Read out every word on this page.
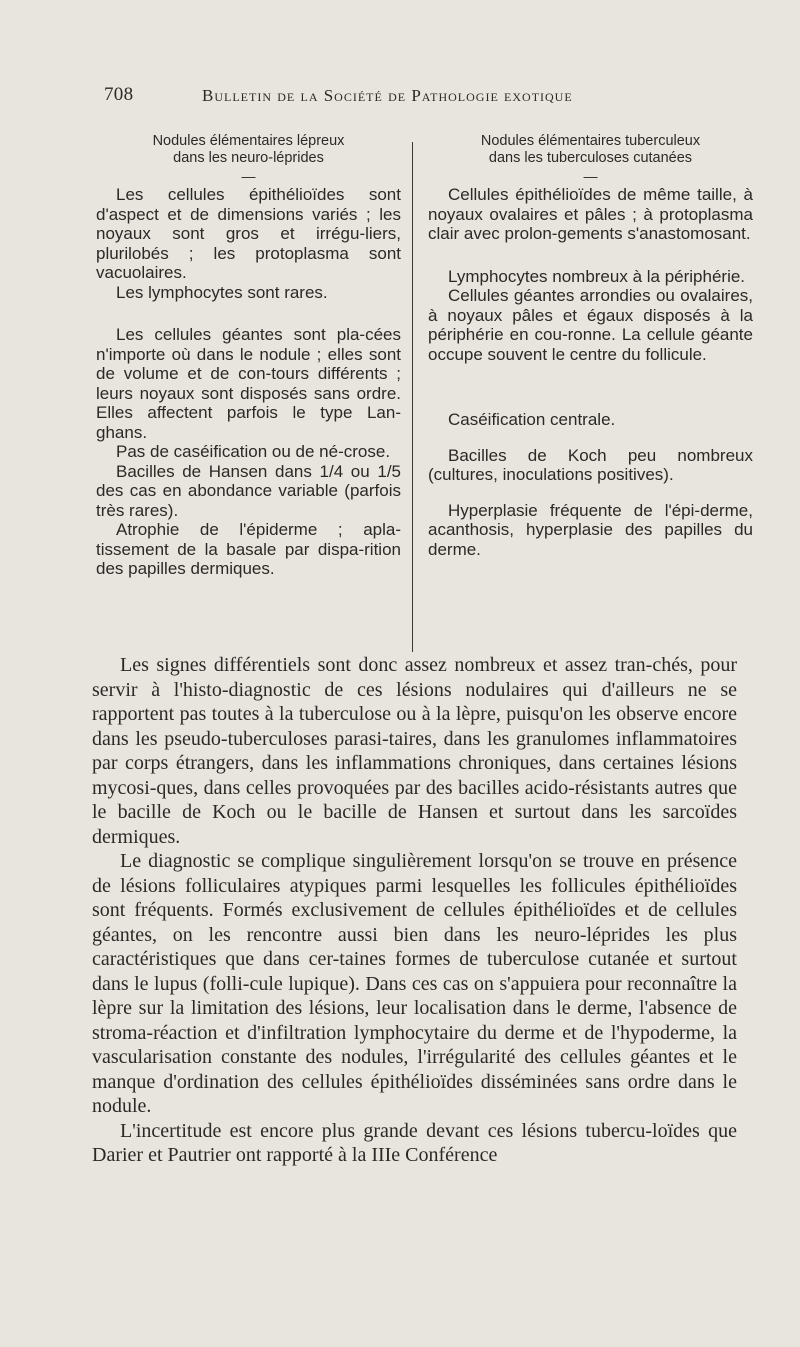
708	Bulletin de la Société de Pathologie exotique
Nodules élémentaires lépreux
dans les neuro-léprides
—

Les cellules épithélioïdes sont d'aspect et de dimensions variés ; les noyaux sont gros et irrégu-liers, plurilobés ; les protoplasma sont vacuolaires.

Les lymphocytes sont rares.

Les cellules géantes sont pla-cées n'importe où dans le nodule ; elles sont de volume et de con-tours différents ; leurs noyaux sont disposés sans ordre. Elles affectent parfois le type Lan-ghans.

Pas de caséification ou de né-crose.

Bacilles de Hansen dans 1/4 ou 1/5 des cas en abondance variable (parfois très rares).

Atrophie de l'épiderme ; apla-tissement de la basale par dispa-rition des papilles dermiques.

Nodules élémentaires tuberculeux
dans les tuberculoses cutanées
—

Cellules épithélioïdes de même taille, à noyaux ovalaires et pâles ; à protoplasma clair avec prolon-gements s'anastomosant.

Lymphocytes nombreux à la périphérie.

Cellules géantes arrondies ou ovalaires, à noyaux pâles et égaux disposés à la périphérie en cou-ronne. La cellule géante occupe souvent le centre du follicule.

Caséification centrale.

Bacilles de Koch peu nombreux (cultures, inoculations positives).

Hyperplasie fréquente de l'épi-derme, acanthosis, hyperplasie des papilles du derme.

Les signes différentiels sont donc assez nombreux et assez tran-chés, pour servir à l'histo-diagnostic de ces lésions nodulaires qui d'ailleurs ne se rapportent pas toutes à la tuberculose ou à la lèpre, puisqu'on les observe encore dans les pseudo-tuberculoses parasi-taires, dans les granulomes inflammatoires par corps étrangers, dans les inflammations chroniques, dans certaines lésions mycosi-ques, dans celles provoquées par des bacilles acido-résistants autres que le bacille de Koch ou le bacille de Hansen et surtout dans les sarcoïdes dermiques.

Le diagnostic se complique singulièrement lorsqu'on se trouve en présence de lésions folliculaires atypiques parmi lesquelles les follicules épithélioïdes sont fréquents. Formés exclusivement de cellules épithélioïdes et de cellules géantes, on les rencontre aussi bien dans les neuro-léprides les plus caractéristiques que dans cer-taines formes de tuberculose cutanée et surtout dans le lupus (folli-cule lupique). Dans ces cas on s'appuiera pour reconnaître la lèpre sur la limitation des lésions, leur localisation dans le derme, l'absence de stroma-réaction et d'infiltration lymphocytaire du derme et de l'hypoderme, la vascularisation constante des nodules, l'irrégularité des cellules géantes et le manque d'ordination des cellules épithélioïdes disséminées sans ordre dans le nodule.

L'incertitude est encore plus grande devant ces lésions tubercu-loïdes que Darier et Pautrier ont rapporté à la IIIe Conférence
